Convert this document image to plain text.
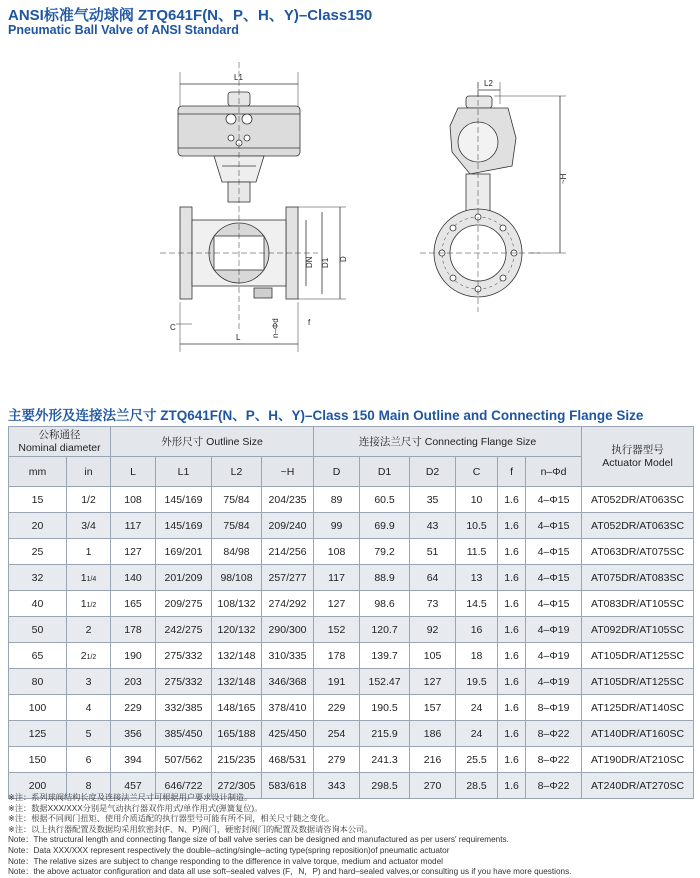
ANSI标准气动球阀 ZTQ641F(N、P、H、Y)–Class150
Pneumatic Ball Valve of ANSI Standard
L1
DN D1 D
L
C
f
n–Φd
L2
~H
主要外形及连接法兰尺寸 ZTQ641F(N、P、H、Y)–Class 150 Main Outline and Connecting Flange Size
公称通径
Nominal diameter		外形尺寸 Outline Size				连接法兰尺寸 Connecting Flange Size						执行器型号
Actuator Model
mm	in	L	L1	L2	~H	D	D1	D2	C	f	n–Φd	
15	1/2	108	145/169	75/84	204/235	89	60.5	35	10	1.6	4–Φ15	AT052DR/AT063SC
20	3/4	117	145/169	75/84	209/240	99	69.9	43	10.5	1.6	4–Φ15	AT052DR/AT063SC
25	1	127	169/201	84/98	214/256	108	79.2	51	11.5	1.6	4–Φ15	AT063DR/AT075SC
32	11/4	140	201/209	98/108	257/277	117	88.9	64	13	1.6	4–Φ15	AT075DR/AT083SC
40	11/2	165	209/275	108/132	274/292	127	98.6	73	14.5	1.6	4–Φ15	AT083DR/AT105SC
50	2	178	242/275	120/132	290/300	152	120.7	92	16	1.6	4–Φ19	AT092DR/AT105SC
65	21/2	190	275/332	132/148	310/335	178	139.7	105	18	1.6	4–Φ19	AT105DR/AT125SC
80	3	203	275/332	132/148	346/368	191	152.47	127	19.5	1.6	4–Φ19	AT105DR/AT125SC
100	4	229	332/385	148/165	378/410	229	190.5	157	24	1.6	8–Φ19	AT125DR/AT140SC
125	5	356	385/450	165/188	425/450	254	215.9	186	24	1.6	8–Φ22	AT140DR/AT160SC
150	6	394	507/562	215/235	468/531	279	241.3	216	25.5	1.6	8–Φ22	AT190DR/AT210SC
200	8	457	646/722	272/305	583/618	343	298.5	270	28.5	1.6	8–Φ22	AT240DR/AT270SC
※注：系列球阀结构长度及连接法兰尺寸可根据用户要求设计制造。
※注：数据XXX/XXX分别是气动执行器双作用式/单作用式(弹簧复位)。
※注：根据不同阀门扭矩、使用介质适配的执行器型号可能有所不同，相关尺寸随之变化。
※注：以上执行器配置及数据均采用软密封(F、N、P)阀门，硬密封阀门的配置及数据请咨询本公司。
Note：The structural length and connecting flange size of ball valve series can be designed and manufactured as per users' requirements.
Note：Data XXX/XXX represent respectively the double–acting/single–acting type(spring reposition)of pneumatic actuator
Note：The relative sizes are subject to change responding to the difference in valve torque, medium and actuator model
Note：the above actuator configuration and data all use soft–sealed valves (F，N，P) and hard–sealed valves,or consulting us if you have more questions.
